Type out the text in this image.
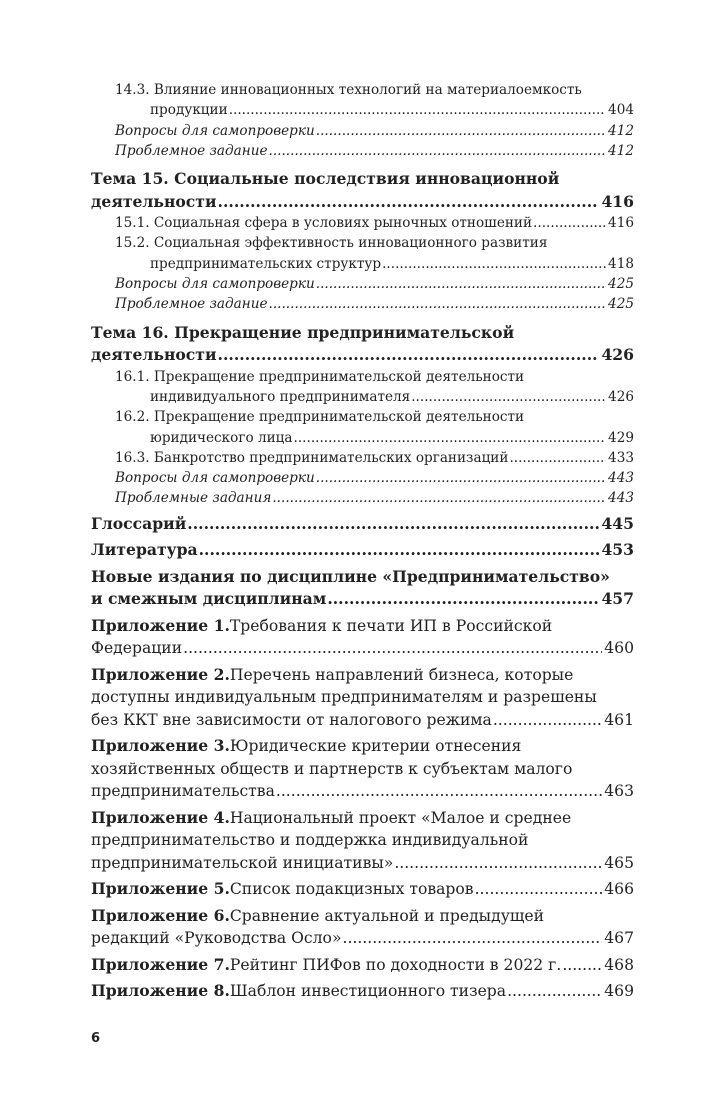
14.3. Влияние инновационных технологий на материалоемкость
продукции .....	404
Вопросы для самопроверки .....	412
Проблемное задание .....	412
Тема 15. Социальные последствия инновационной
деятельности .....	416
15.1. Социальная сфера в условиях рыночных отношений .....	416
15.2. Социальная эффективность инновационного развития
предпринимательских структур .....	418
Вопросы для самопроверки .....	425
Проблемное задание .....	425
Тема 16. Прекращение предпринимательской
деятельности .....	426
16.1. Прекращение предпринимательской деятельности
индивидуального предпринимателя .....	426
16.2. Прекращение предпринимательской деятельности
юридического лица .....	429
16.3. Банкротство предпринимательских организаций .....	433
Вопросы для самопроверки .....	443
Проблемные задания .....	443
Глоссарий .....	445
Литература .....	453
Новые издания по дисциплине «Предпринимательство»
и смежным дисциплинам .....	457
Приложение 1. Требования к печати ИП в Российской
Федерации .....	460
Приложение 2. Перечень направлений бизнеса, которые
доступны индивидуальным предпринимателям и разрешены
без ККТ вне зависимости от налогового режима .....	461
Приложение 3. Юридические критерии отнесения
хозяйственных обществ и партнерств к субъектам малого
предпринимательства .....	463
Приложение 4. Национальный проект «Малое и среднее
предпринимательство и поддержка индивидуальной
предпринимательской инициативы» .....	465
Приложение 5. Список подакцизных товаров .....	466
Приложение 6. Сравнение актуальной и предыдущей
редакций «Руководства Осло» .....	467
Приложение 7. Рейтинг ПИФов по доходности в 2022 г. .....	468
Приложение 8. Шаблон инвестиционного тизера .....	469
6
